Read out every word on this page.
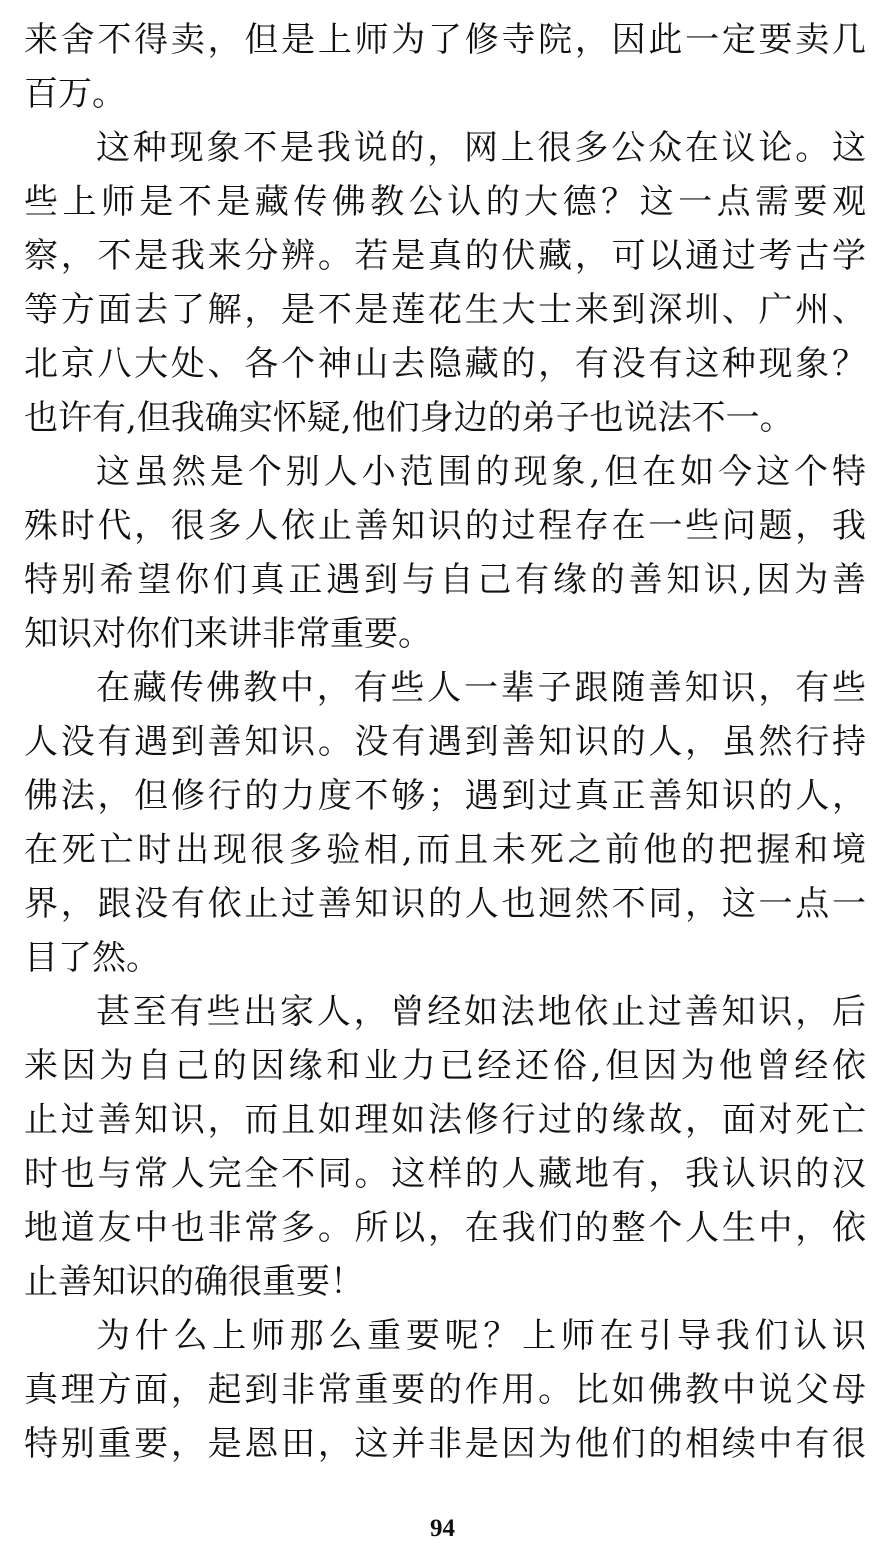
来舍不得卖，但是上师为了修寺院，因此一定要卖几
百万。
这种现象不是我说的，网上很多公众在议论。这
些上师是不是藏传佛教公认的大德？这一点需要观
察，不是我来分辨。若是真的伏藏，可以通过考古学
等方面去了解，是不是莲花生大士来到深圳、广州、
北京八大处、各个神山去隐藏的，有没有这种现象？
也许有,但我确实怀疑,他们身边的弟子也说法不一。
这虽然是个别人小范围的现象,但在如今这个特
殊时代，很多人依止善知识的过程存在一些问题，我
特别希望你们真正遇到与自己有缘的善知识,因为善
知识对你们来讲非常重要。
在藏传佛教中，有些人一辈子跟随善知识，有些
人没有遇到善知识。没有遇到善知识的人，虽然行持
佛法，但修行的力度不够；遇到过真正善知识的人，
在死亡时出现很多验相,而且未死之前他的把握和境
界，跟没有依止过善知识的人也迥然不同，这一点一
目了然。
甚至有些出家人，曾经如法地依止过善知识，后
来因为自己的因缘和业力已经还俗,但因为他曾经依
止过善知识，而且如理如法修行过的缘故，面对死亡
时也与常人完全不同。这样的人藏地有，我认识的汉
地道友中也非常多。所以，在我们的整个人生中，依
止善知识的确很重要！
为什么上师那么重要呢？上师在引导我们认识
真理方面，起到非常重要的作用。比如佛教中说父母
特别重要，是恩田，这并非是因为他们的相续中有很
94
